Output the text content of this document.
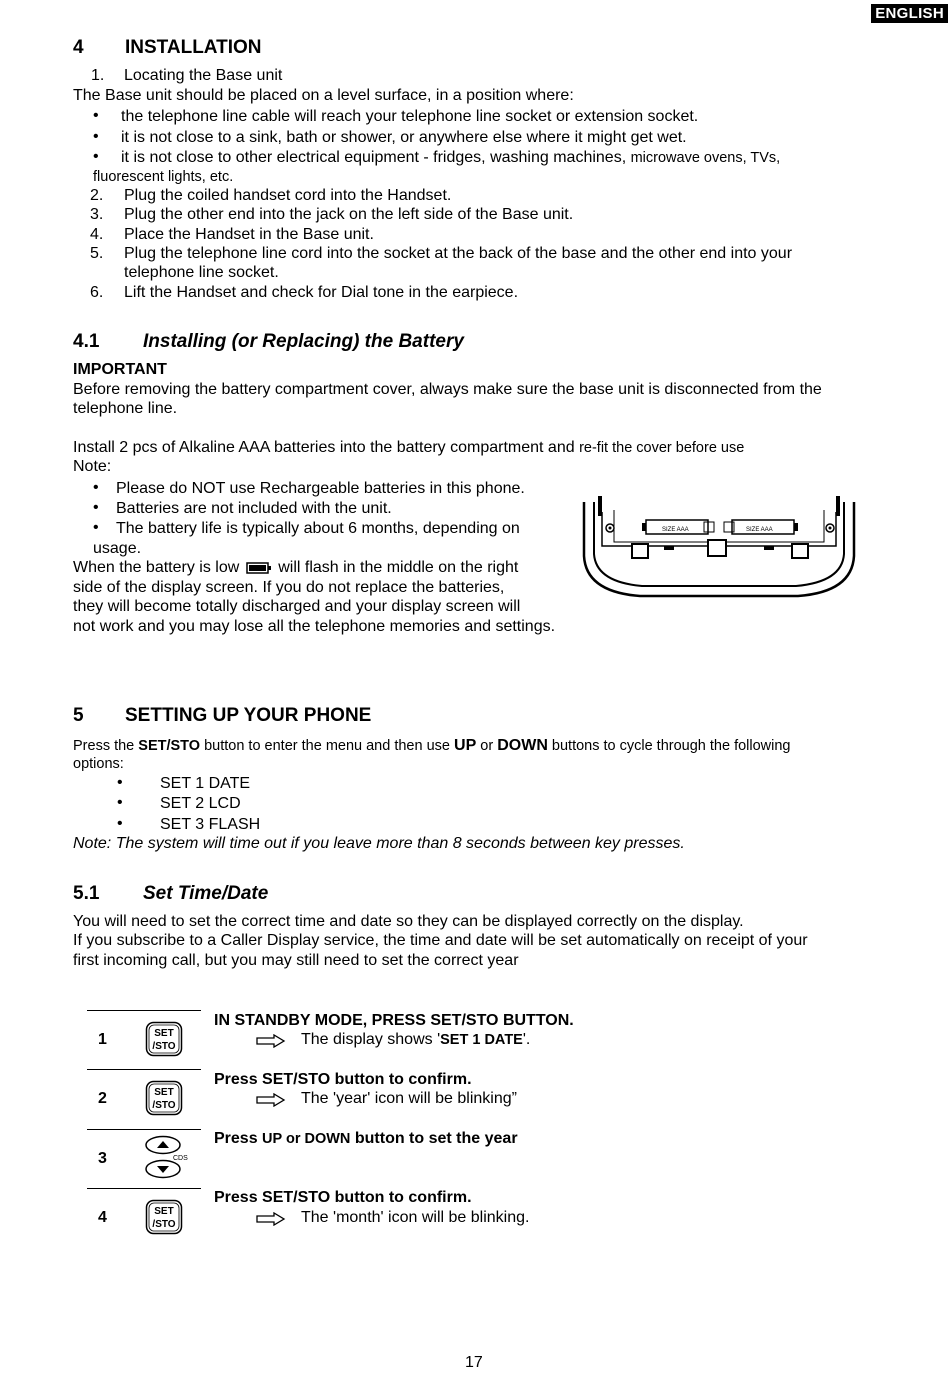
ENGLISH
4 INSTALLATION
1. Locating the Base unit
The Base unit should be placed on a level surface, in a position where:
•
the telephone line cable will reach your telephone line socket or extension socket.
•
it is not close to a sink, bath or shower, or anywhere else where it might get wet.
•
it is not close to other electrical equipment - fridges, washing machines, microwave ovens, TVs,
fluorescent lights, etc.
2. Plug the coiled handset cord into the Handset.
3. Plug the other end into the jack on the left side of the Base unit.
4. Place the Handset in the Base unit.
5. Plug the telephone line cord into the socket at the back of the base and the other end into your
telephone line socket.
6. Lift the Handset and check for Dial tone in the earpiece.
4.1 Installing (or Replacing) the Battery
IMPORTANT
Before removing the battery compartment cover, always make sure the base unit is disconnected from the
telephone line.
Install 2 pcs of Alkaline AAA batteries into the battery compartment and re-fit the cover before use
Note:
•
Please do NOT use Rechargeable batteries in this phone.
•
Batteries are not included with the unit.
•
The battery life is typically about 6 months, depending on
usage.
When the battery is low will flash in the middle on the right
side of the display screen. If you do not replace the batteries,
they will become totally discharged and your display screen will
not work and you may lose all the telephone memories and settings.
SIZE AAA	SIZE AAA
5 SETTING UP YOUR PHONE
Press the SET/STO button to enter the menu and then use UP or DOWN buttons to cycle through the following
options:
•
SET 1 DATE
•
SET 2 LCD
•
SET 3 FLASH
Note: The system will time out if you leave more than 8 seconds between key presses.
5.1 Set Time/Date
You will need to set the correct time and date so they can be displayed correctly on the display.
If you subscribe to a Caller Display service, the time and date will be set automatically on receipt of your
first incoming call, but you may still need to set the correct year
1	SET
/STO
IN STANDBY MODE, PRESS SET/STO BUTTON.
The display shows 'SET 1 DATE'.
2	SET
/STO
Press SET/STO button to confirm.
The 'year' icon will be blinking”
3	CDS
Press UP or DOWN button to set the year
4	SET
/STO
Press SET/STO button to confirm.
The 'month' icon will be blinking.
17
